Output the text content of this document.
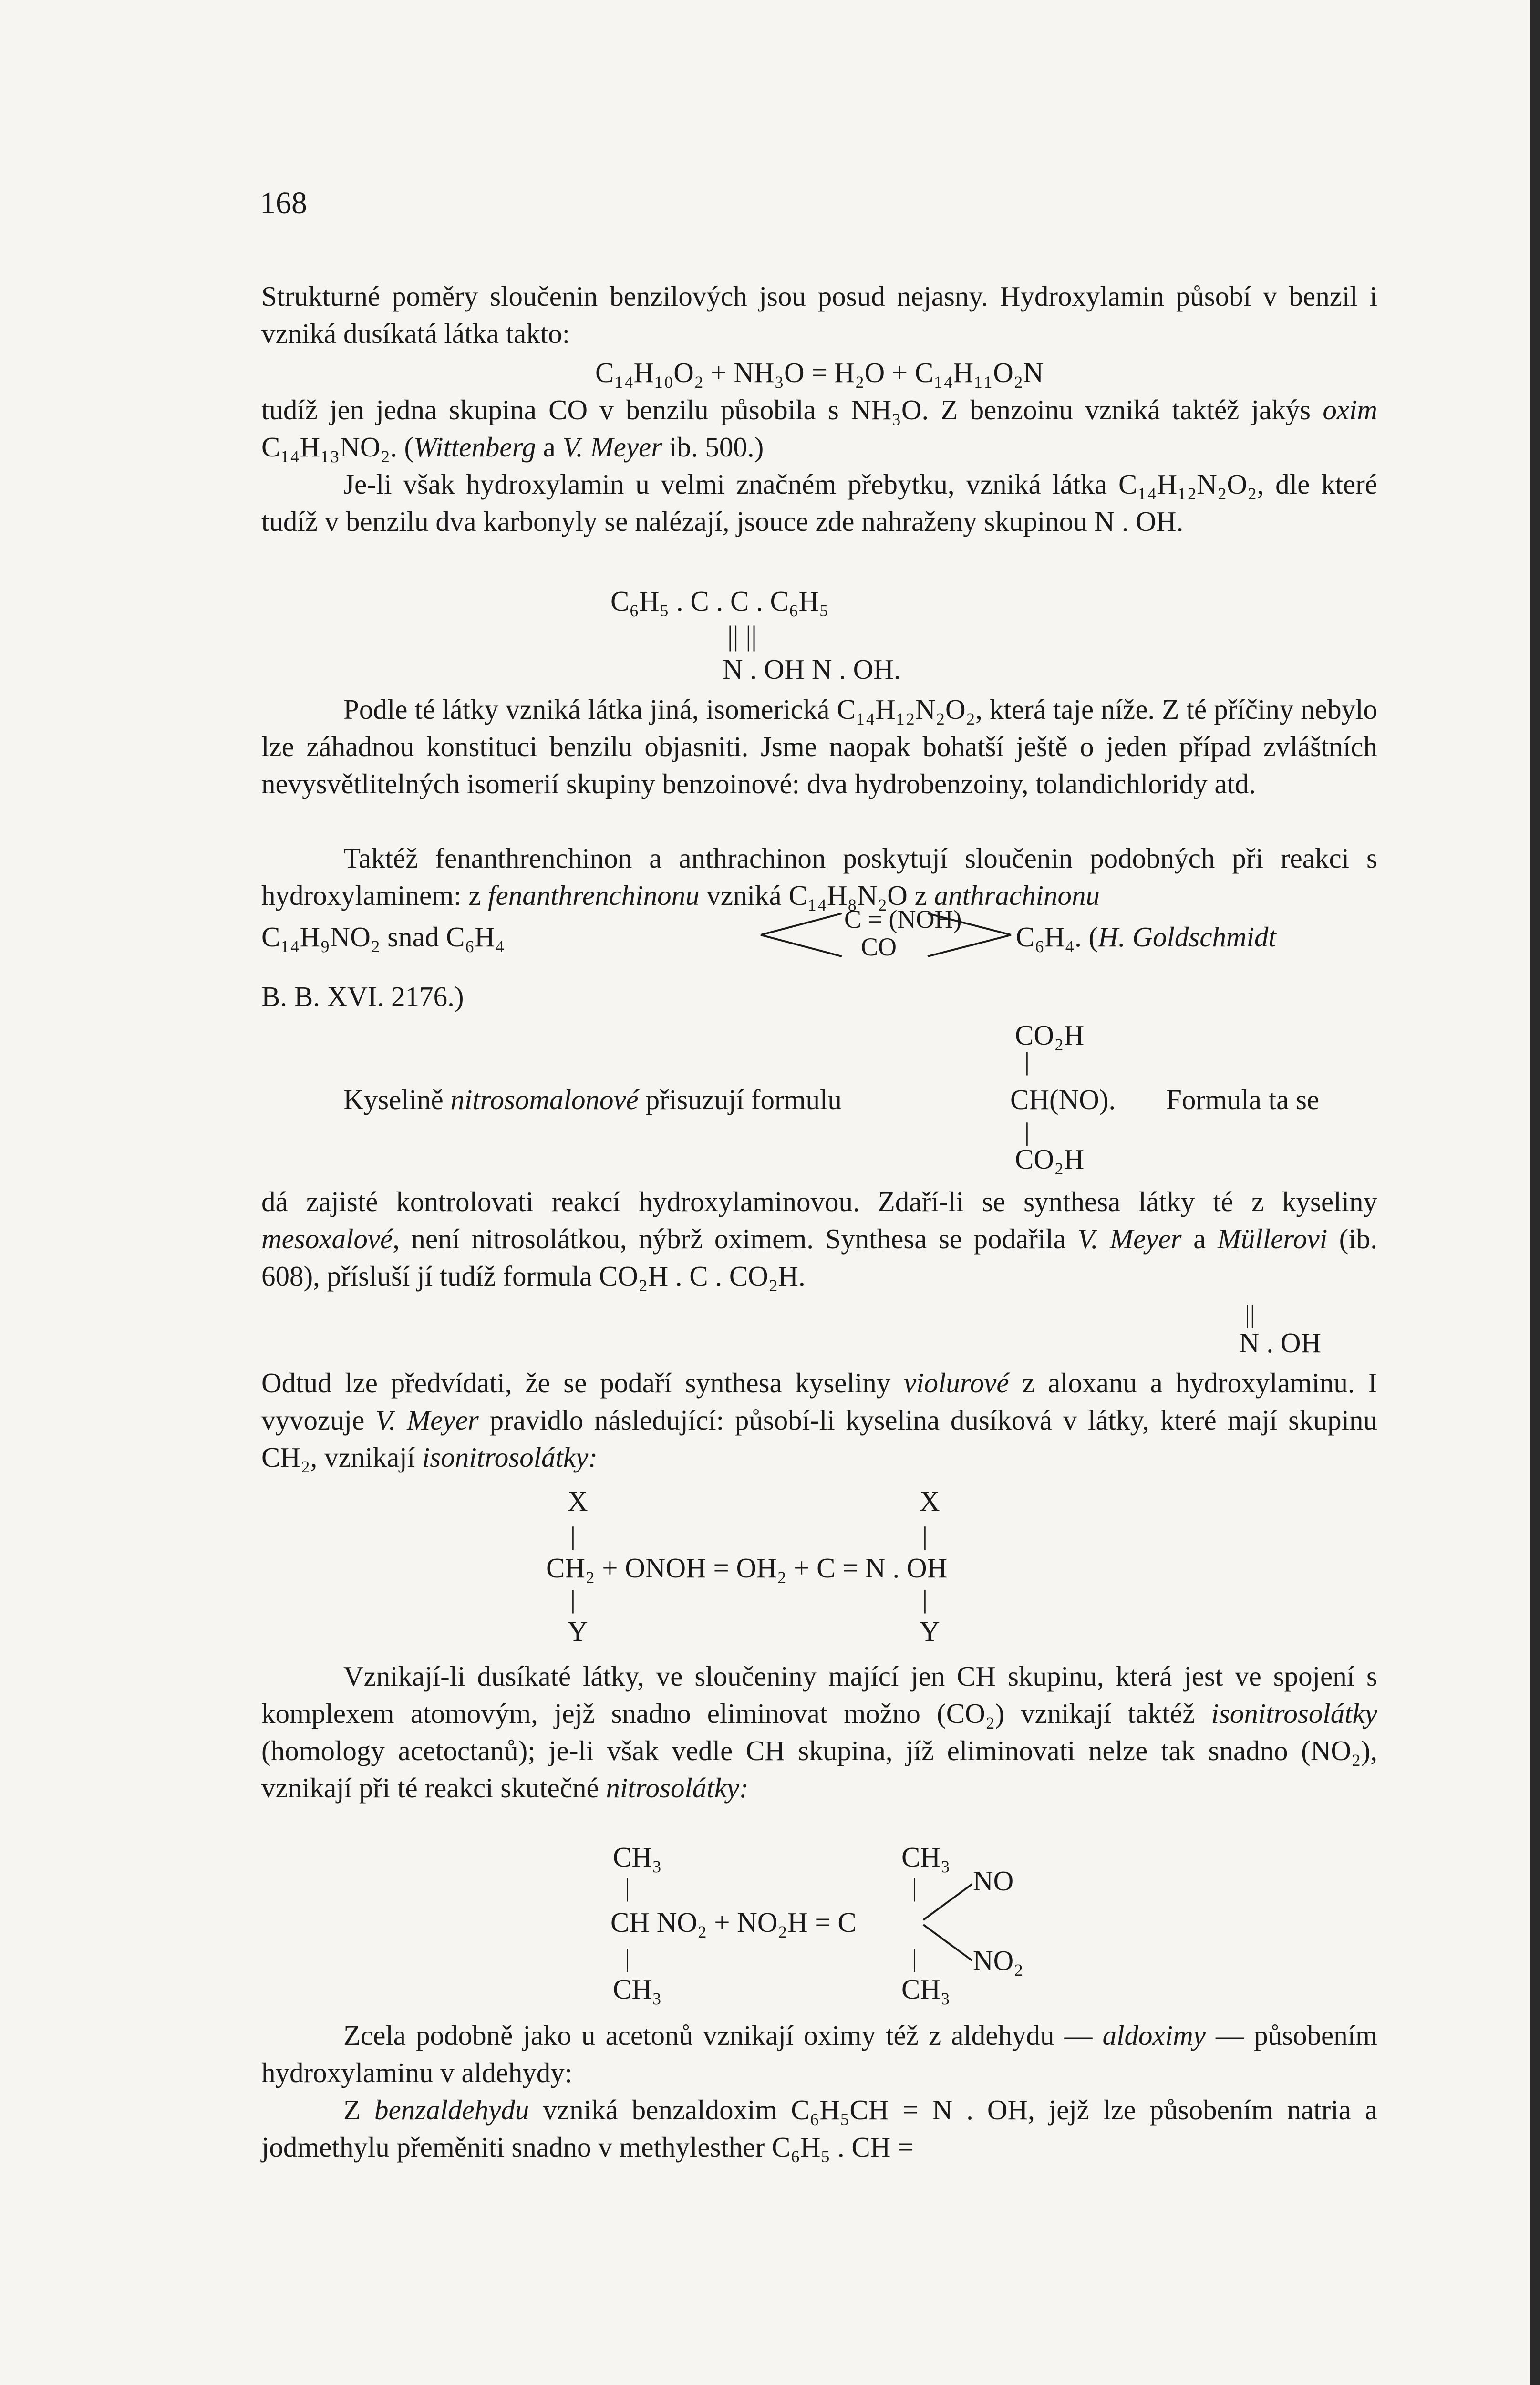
168
Strukturné poměry sloučenin benzilových jsou posud nejasny. Hydroxylamin působí v benzil i vzniká dusíkatá látka takto:
C₁₄H₁₀O₂ + NH₃O = H₂O + C₁₄H₁₁O₂N
tudíž jen jedna skupina CO v benzilu působila s NH₃O. Z benzoinu vzniká taktéž jakýs oxim C₁₄H₁₃NO₂. (Wittenberg a V. Meyer ib. 500.)
Je-li však hydroxylamin u velmi značném přebytku, vzniká látka C₁₄H₁₂N₂O₂, dle které tudíž v benzilu dva karbonyly se nalézají, jsouce zde nahraženy skupinou N . OH.
C₆H₅ . C . C . C₆H₅
|| ||
N . OH N . OH.
Podle té látky vzniká látka jiná, isomerická C₁₄H₁₂N₂O₂, která taje níže. Z té příčiny nebylo lze záhadnou konstituci benzilu objasniti. Jsme naopak bohatší ještě o jeden případ zvláštních nevysvětlitelných isomerií skupiny benzoinové: dva hydrobenzoiny, tolandichloridy atd.
Taktéž fenanthrenchinon a anthrachinon poskytují sloučenin podobných při reakci s hydroxylaminem: z fenanthrenchinonu vzniká C₁₄H₈N₂O z anthrachinonu
C₁₄H₉NO₂ snad C₆H₄
C = (NOH)
CO	C₆H₄. (H. Goldschmidt
B. B. XVI. 2176.)
CO₂H
|
Kyselině nitrosomalonové přisuzují formulu	CH(NO). Formula ta se
|
CO₂H
dá zajisté kontrolovati reakcí hydroxylaminovou. Zdaří-li se synthesa látky té z kyseliny mesoxalové, není nitrosolátkou, nýbrž oximem. Synthesa se podařila V. Meyer a Müllerovi (ib. 608), přísluší jí tudíž formula CO₂H . C . CO₂H.
||
N . OH
Odtud lze předvídati, že se podaří synthesa kyseliny violurové z aloxanu a hydroxylaminu. I vyvozuje V. Meyer pravidlo následující: působí-li kyselina dusíková v látky, které mají skupinu CH₂, vznikají isonitrosolátky:
X	X
|	|
CH₂ + ONOH = OH₂ + C = N . OH
|	|
Y	Y
Vznikají-li dusíkaté látky, ve sloučeniny mající jen CH skupinu, která jest ve spojení s komplexem atomovým, jejž snadno eliminovat možno (CO₂) vznikají taktéž isonitrosolátky (homology acetoctanů); je-li však vedle CH skupina, jíž eliminovati nelze tak snadno (NO₂), vznikají při té reakci skutečné nitrosolátky:
CH₃	CH₃
|	| NO
CH NO₂ + NO₂H = C
NO₂
|	|
CH₃	CH₃
Zcela podobně jako u acetonů vznikají oximy též z aldehydu — aldoximy — působením hydroxylaminu v aldehydy:
Z benzaldehydu vzniká benzaldoxim C₆H₅CH = N . OH, jejž lze působením natria a jodmethylu přeměniti snadno v methylesther C₆H₅ . CH =
